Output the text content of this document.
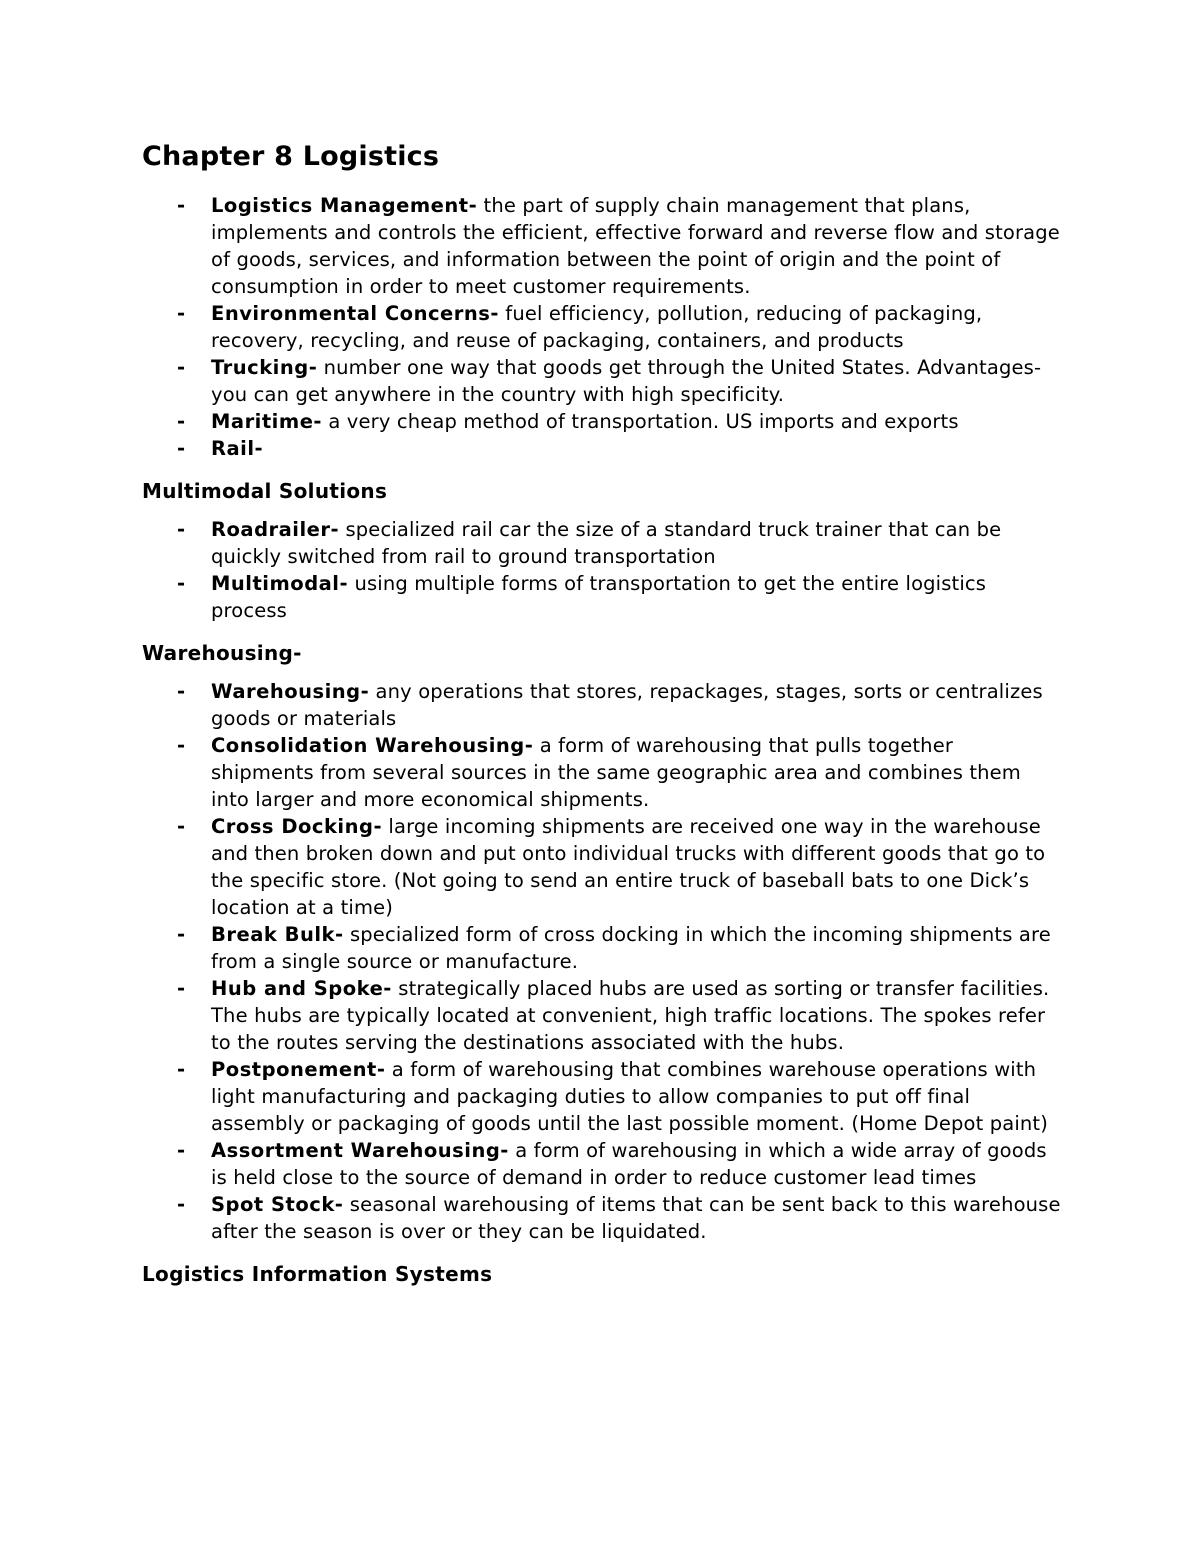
Chapter 8 Logistics
- Logistics Management- the part of supply chain management that plans, implements and controls the efficient, effective forward and reverse flow and storage of goods, services, and information between the point of origin and the point of consumption in order to meet customer requirements.
- Environmental Concerns- fuel efficiency, pollution, reducing of packaging, recovery, recycling, and reuse of packaging, containers, and products
- Trucking- number one way that goods get through the United States. Advantages- you can get anywhere in the country with high specificity.
- Maritime- a very cheap method of transportation. US imports and exports
- Rail-
Multimodal Solutions
- Roadrailer- specialized rail car the size of a standard truck trainer that can be quickly switched from rail to ground transportation
- Multimodal- using multiple forms of transportation to get the entire logistics process
Warehousing-
- Warehousing- any operations that stores, repackages, stages, sorts or centralizes goods or materials
- Consolidation Warehousing- a form of warehousing that pulls together shipments from several sources in the same geographic area and combines them into larger and more economical shipments.
- Cross Docking- large incoming shipments are received one way in the warehouse and then broken down and put onto individual trucks with different goods that go to the specific store. (Not going to send an entire truck of baseball bats to one Dick’s location at a time)
- Break Bulk- specialized form of cross docking in which the incoming shipments are from a single source or manufacture.
- Hub and Spoke- strategically placed hubs are used as sorting or transfer facilities. The hubs are typically located at convenient, high traffic locations. The spokes refer to the routes serving the destinations associated with the hubs.
- Postponement- a form of warehousing that combines warehouse operations with light manufacturing and packaging duties to allow companies to put off final assembly or packaging of goods until the last possible moment. (Home Depot paint)
- Assortment Warehousing- a form of warehousing in which a wide array of goods is held close to the source of demand in order to reduce customer lead times
- Spot Stock- seasonal warehousing of items that can be sent back to this warehouse after the season is over or they can be liquidated.
Logistics Information Systems
